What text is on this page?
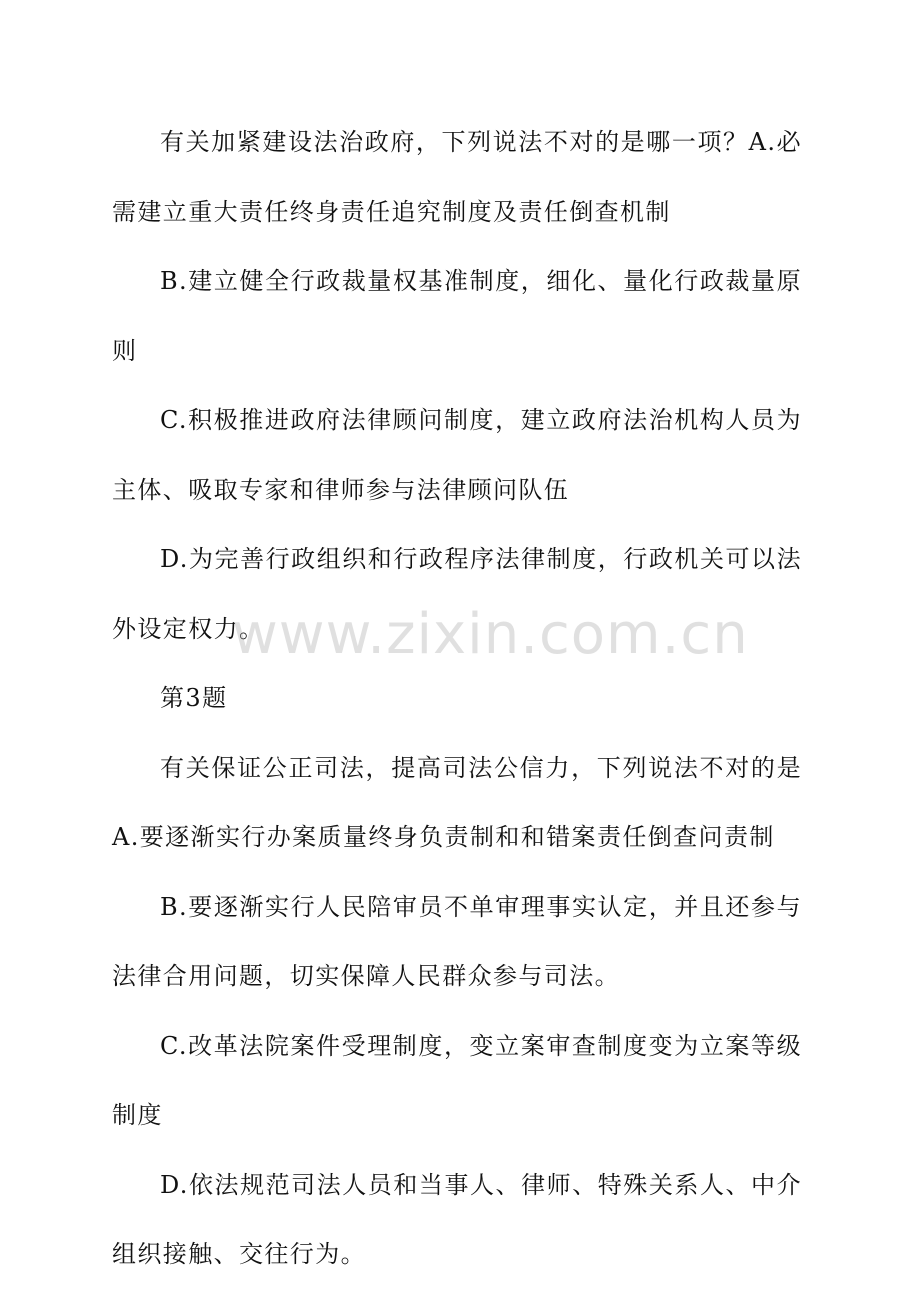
有关加紧建设法治政府，下列说法不对的是哪一项？A.必需建立重大责任终身责任追究制度及责任倒查机制

B.建立健全行政裁量权基准制度，细化、量化行政裁量原则

C.积极推进政府法律顾问制度，建立政府法治机构人员为主体、吸取专家和律师参与法律顾问队伍

D.为完善行政组织和行政程序法律制度，行政机关可以法外设定权力。

第3题

有关保证公正司法，提高司法公信力，下列说法不对的是A.要逐渐实行办案质量终身负责制和和错案责任倒查问责制

B.要逐渐实行人民陪审员不单审理事实认定，并且还参与法律合用问题，切实保障人民群众参与司法。

C.改革法院案件受理制度，变立案审查制度变为立案等级制度

D.依法规范司法人员和当事人、律师、特殊关系人、中介组织接触、交往行为。

www.zixin.com.cn
